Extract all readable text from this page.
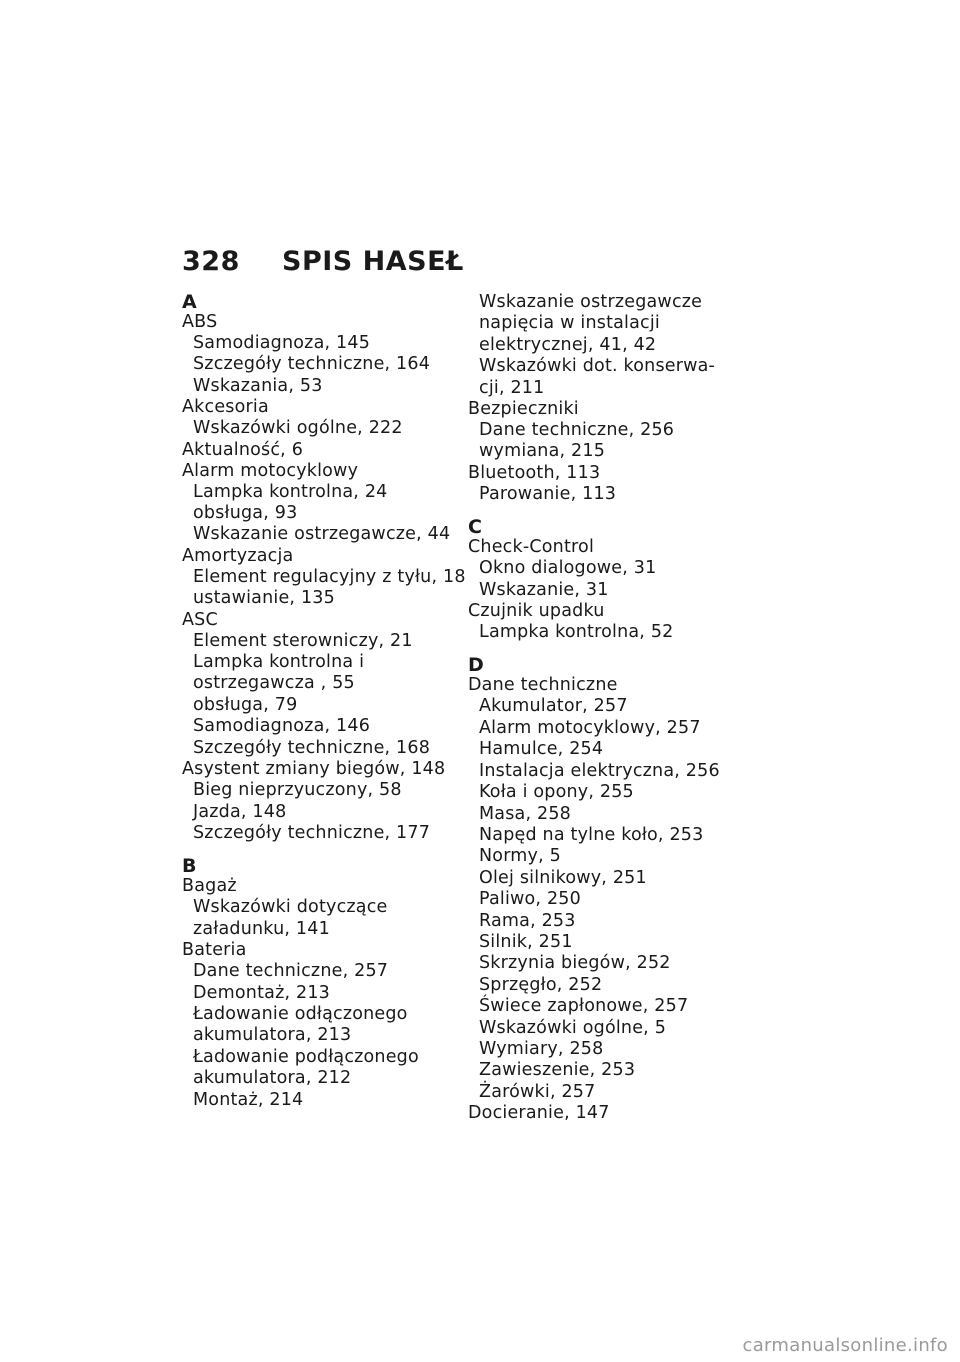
328	SPIS HASEŁ
A
ABS
Samodiagnoza, 145
Szczegóły techniczne, 164
Wskazania, 53
Akcesoria
Wskazówki ogólne, 222
Aktualność, 6
Alarm motocyklowy
Lampka kontrolna, 24
obsługa, 93
Wskazanie ostrzegawcze, 44
Amortyzacja
Element regulacyjny z tyłu, 18
ustawianie, 135
ASC
Element sterowniczy, 21
Lampka kontrolna i
ostrzegawcza , 55
obsługa, 79
Samodiagnoza, 146
Szczegóły techniczne, 168
Asystent zmiany biegów, 148
Bieg nieprzyuczony, 58
Jazda, 148
Szczegóły techniczne, 177
B
Bagaż
Wskazówki dotyczące
załadunku, 141
Bateria
Dane techniczne, 257
Demontaż, 213
Ładowanie odłączonego
akumulatora, 213
Ładowanie podłączonego
akumulatora, 212
Montaż, 214
Wskazanie ostrzegawcze
napięcia w instalacji
elektrycznej, 41, 42
Wskazówki dot. konserwa-
cji, 211
Bezpieczniki
Dane techniczne, 256
wymiana, 215
Bluetooth, 113
Parowanie, 113
C
Check-Control
Okno dialogowe, 31
Wskazanie, 31
Czujnik upadku
Lampka kontrolna, 52
D
Dane techniczne
Akumulator, 257
Alarm motocyklowy, 257
Hamulce, 254
Instalacja elektryczna, 256
Koła i opony, 255
Masa, 258
Napęd na tylne koło, 253
Normy, 5
Olej silnikowy, 251
Paliwo, 250
Rama, 253
Silnik, 251
Skrzynia biegów, 252
Sprzęgło, 252
Świece zapłonowe, 257
Wskazówki ogólne, 5
Wymiary, 258
Zawieszenie, 253
Żarówki, 257
Docieranie, 147
carmanualsonline.info
